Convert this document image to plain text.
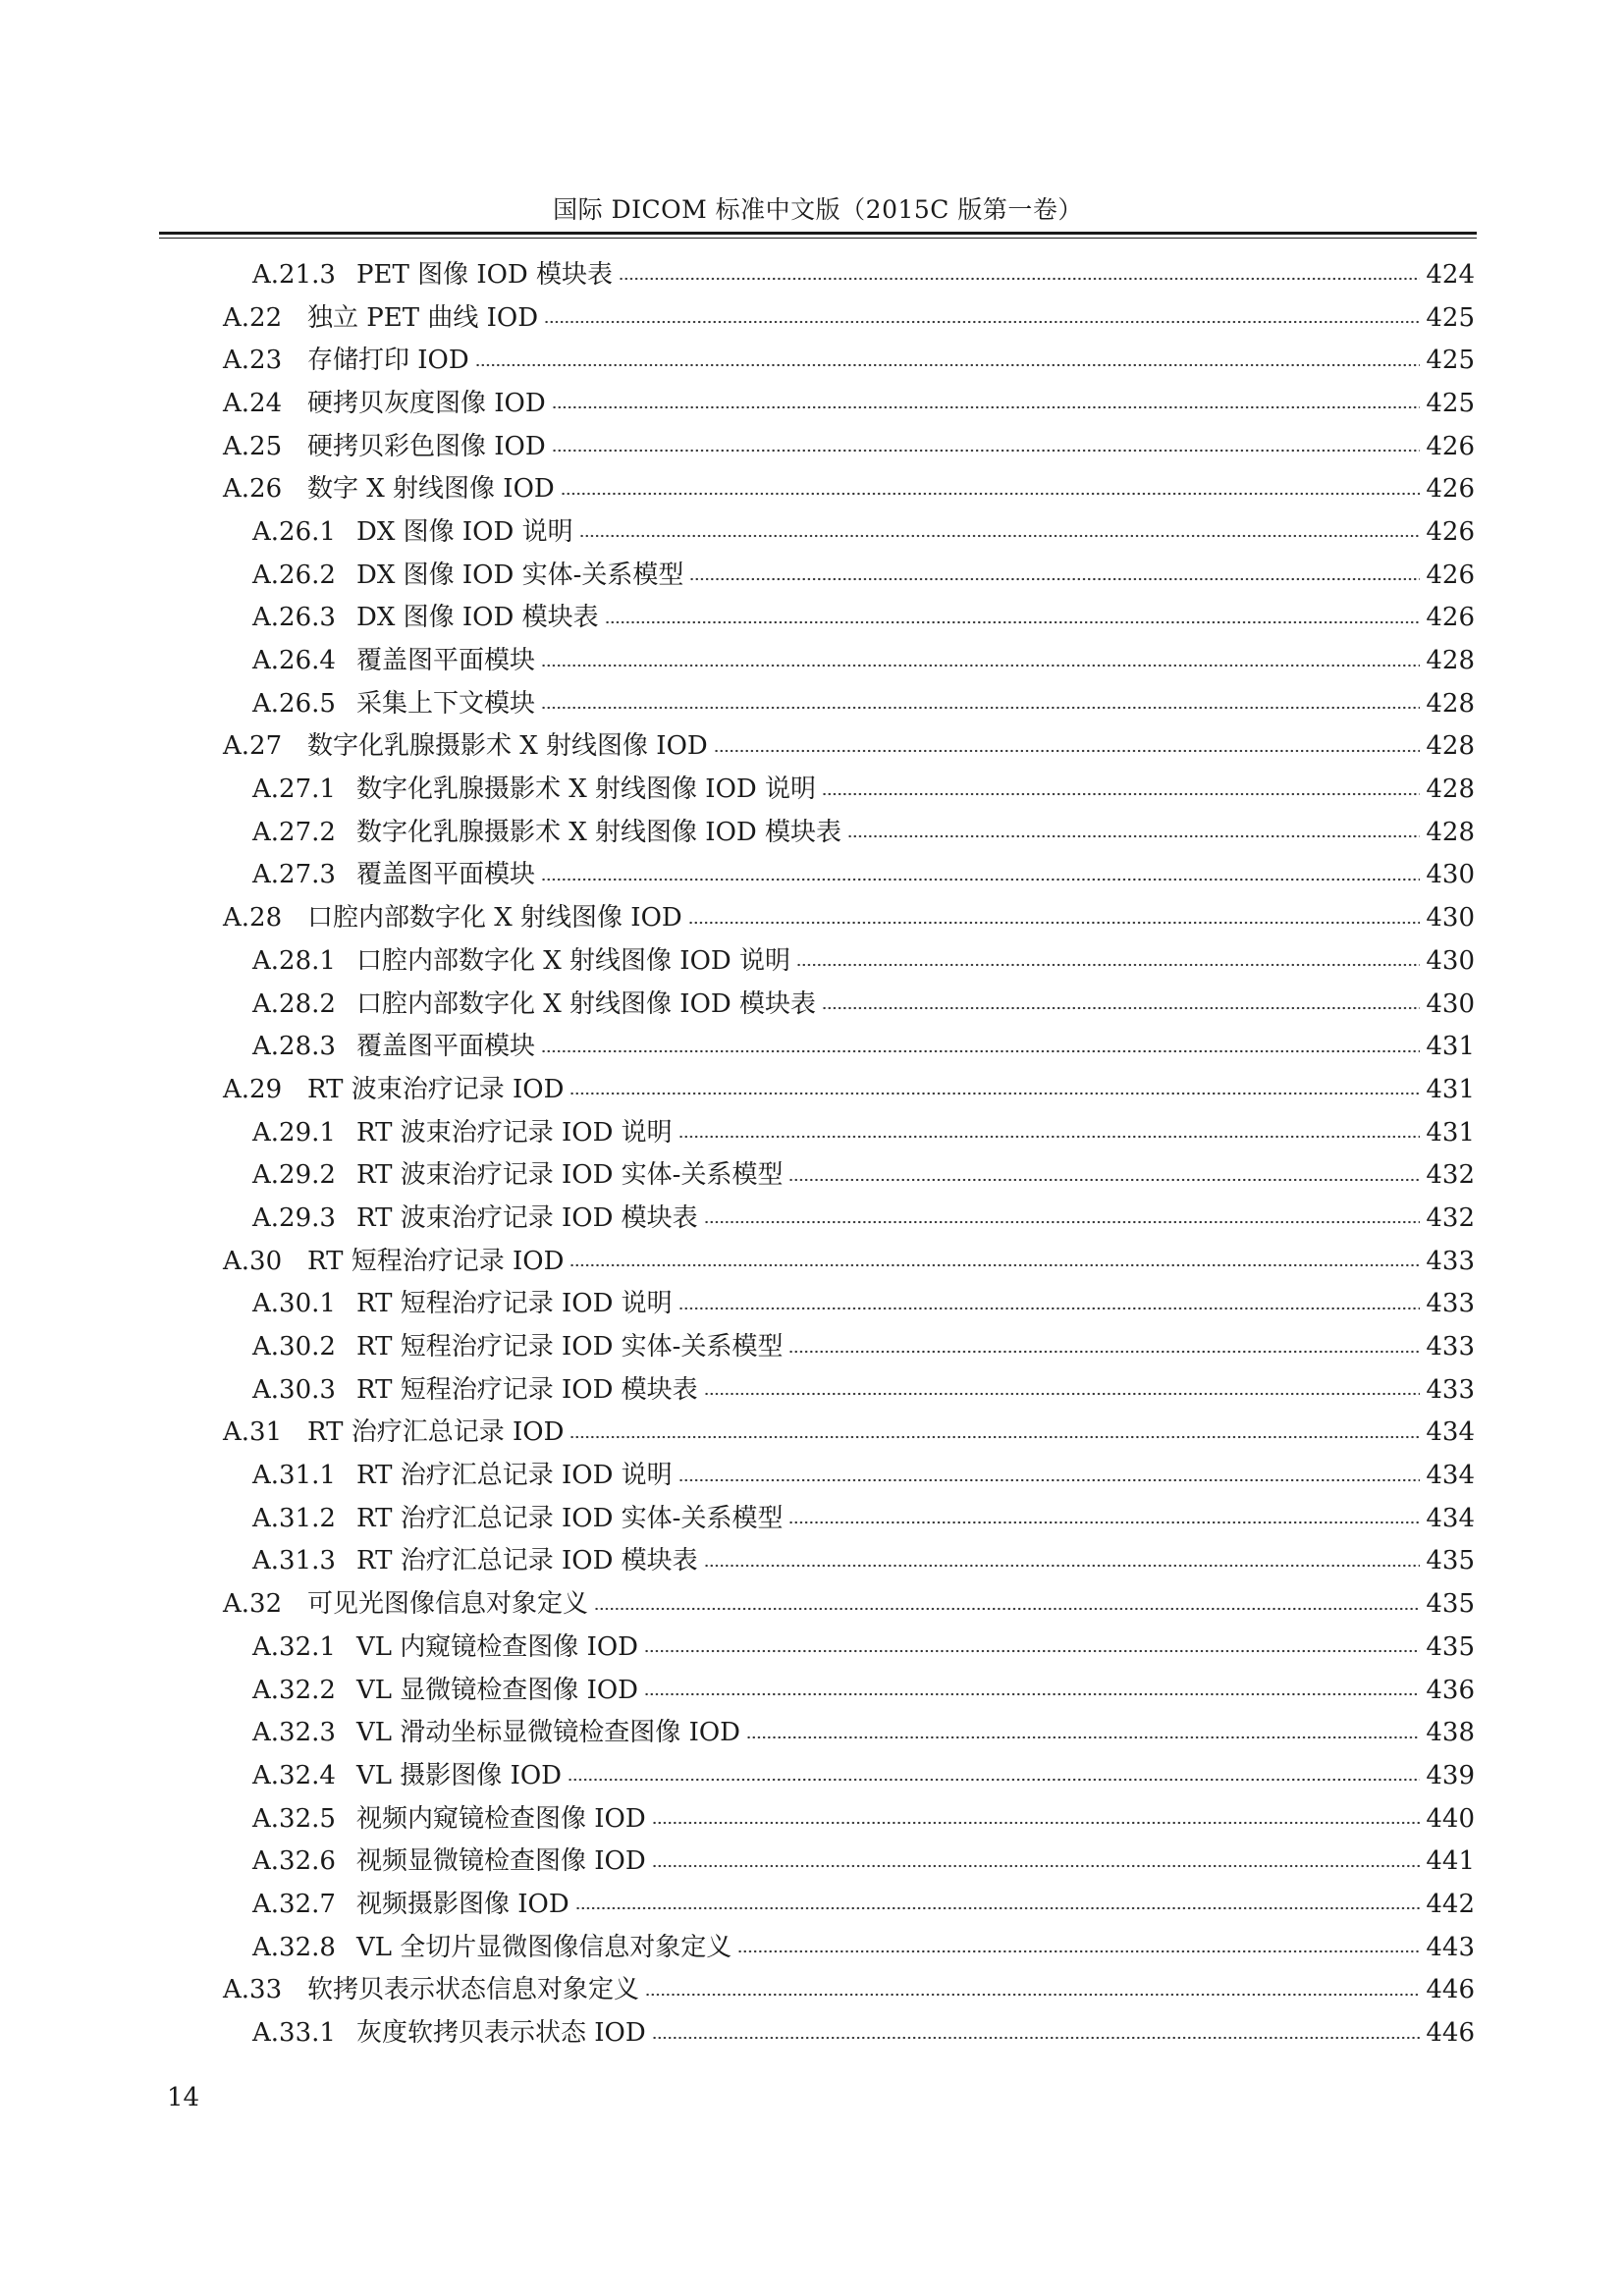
国际 DICOM 标准中文版（2015C 版第一卷）
A.21.3 PET 图像 IOD 模块表	424
A.22 独立 PET 曲线 IOD	425
A.23 存储打印 IOD	425
A.24 硬拷贝灰度图像 IOD	425
A.25 硬拷贝彩色图像 IOD	426
A.26 数字 X 射线图像 IOD	426
A.26.1 DX 图像 IOD 说明	426
A.26.2 DX 图像 IOD 实体-关系模型	426
A.26.3 DX 图像 IOD 模块表	426
A.26.4 覆盖图平面模块	428
A.26.5 采集上下文模块	428
A.27 数字化乳腺摄影术 X 射线图像 IOD	428
A.27.1 数字化乳腺摄影术 X 射线图像 IOD 说明	428
A.27.2 数字化乳腺摄影术 X 射线图像 IOD 模块表	428
A.27.3 覆盖图平面模块	430
A.28 口腔内部数字化 X 射线图像 IOD	430
A.28.1 口腔内部数字化 X 射线图像 IOD 说明	430
A.28.2 口腔内部数字化 X 射线图像 IOD 模块表	430
A.28.3 覆盖图平面模块	431
A.29 RT 波束治疗记录 IOD	431
A.29.1 RT 波束治疗记录 IOD 说明	431
A.29.2 RT 波束治疗记录 IOD 实体-关系模型	432
A.29.3 RT 波束治疗记录 IOD 模块表	432
A.30 RT 短程治疗记录 IOD	433
A.30.1 RT 短程治疗记录 IOD 说明	433
A.30.2 RT 短程治疗记录 IOD 实体-关系模型	433
A.30.3 RT 短程治疗记录 IOD 模块表	433
A.31 RT 治疗汇总记录 IOD	434
A.31.1 RT 治疗汇总记录 IOD 说明	434
A.31.2 RT 治疗汇总记录 IOD 实体-关系模型	434
A.31.3 RT 治疗汇总记录 IOD 模块表	435
A.32 可见光图像信息对象定义	435
A.32.1 VL 内窥镜检查图像 IOD	435
A.32.2 VL 显微镜检查图像 IOD	436
A.32.3 VL 滑动坐标显微镜检查图像 IOD	438
A.32.4 VL 摄影图像 IOD	439
A.32.5 视频内窥镜检查图像 IOD	440
A.32.6 视频显微镜检查图像 IOD	441
A.32.7 视频摄影图像 IOD	442
A.32.8 VL 全切片显微图像信息对象定义	443
A.33 软拷贝表示状态信息对象定义	446
A.33.1 灰度软拷贝表示状态 IOD	446
14
